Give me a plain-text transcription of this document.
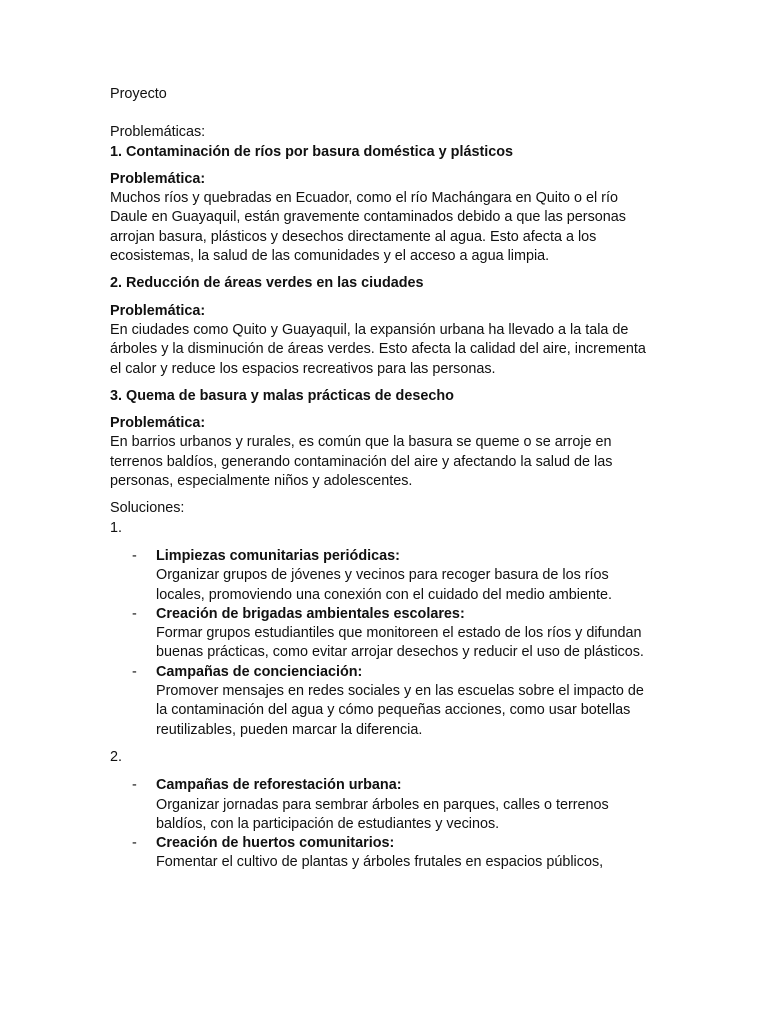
Proyecto

Problemáticas:

1. Contaminación de ríos por basura doméstica y plásticos

Problemática:

Muchos ríos y quebradas en Ecuador, como el río Machángara en Quito o el río Daule en Guayaquil, están gravemente contaminados debido a que las personas arrojan basura, plásticos y desechos directamente al agua. Esto afecta a los ecosistemas, la salud de las comunidades y el acceso a agua limpia.

2. Reducción de áreas verdes en las ciudades

Problemática:

En ciudades como Quito y Guayaquil, la expansión urbana ha llevado a la tala de árboles y la disminución de áreas verdes. Esto afecta la calidad del aire, incrementa el calor y reduce los espacios recreativos para las personas.

3. Quema de basura y malas prácticas de desecho

Problemática:

En barrios urbanos y rurales, es común que la basura se queme o se arroje en terrenos baldíos, generando contaminación del aire y afectando la salud de las personas, especialmente niños y adolescentes.

Soluciones:

1.

- Limpiezas comunitarias periódicas:

Organizar grupos de jóvenes y vecinos para recoger basura de los ríos locales, promoviendo una conexión con el cuidado del medio ambiente.

- Creación de brigadas ambientales escolares:

Formar grupos estudiantiles que monitoreen el estado de los ríos y difundan buenas prácticas, como evitar arrojar desechos y reducir el uso de plásticos.

- Campañas de concienciación:

Promover mensajes en redes sociales y en las escuelas sobre el impacto de la contaminación del agua y cómo pequeñas acciones, como usar botellas reutilizables, pueden marcar la diferencia.

2.

- Campañas de reforestación urbana:

Organizar jornadas para sembrar árboles en parques, calles o terrenos baldíos, con la participación de estudiantes y vecinos.

- Creación de huertos comunitarios:

Fomentar el cultivo de plantas y árboles frutales en espacios públicos,
